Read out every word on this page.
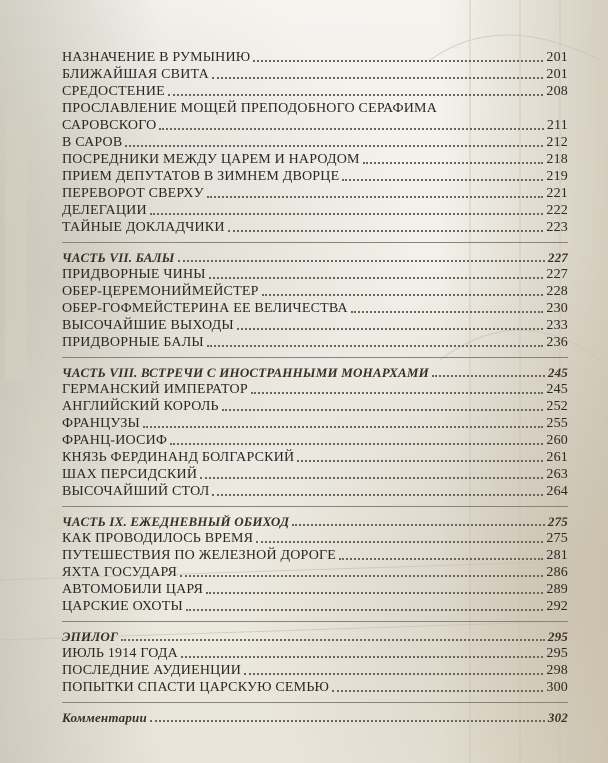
НАЗНАЧЕНИЕ В РУМЫНИЮ	201
БЛИЖАЙШАЯ СВИТА	201
СРЕДОСТЕНИЕ	208
ПРОСЛАВЛЕНИЕ МОЩЕЙ ПРЕПОДОБНОГО СЕРАФИМА
САРОВСКОГО	211
В САРОВ	212
ПОСРЕДНИКИ МЕЖДУ ЦАРЕМ И НАРОДОМ	218
ПРИЕМ ДЕПУТАТОВ В ЗИМНЕМ ДВОРЦЕ	219
ПЕРЕВОРОТ СВЕРХУ	221
ДЕЛЕГАЦИИ	222
ТАЙНЫЕ ДОКЛАДЧИКИ	223
ЧАСТЬ VII. БАЛЫ	227
ПРИДВОРНЫЕ ЧИНЫ	227
ОБЕР-ЦЕРЕМОНИЙМЕЙСТЕР	228
ОБЕР-ГОФМЕЙСТЕРИНА ЕЕ ВЕЛИЧЕСТВА	230
ВЫСОЧАЙШИЕ ВЫХОДЫ	233
ПРИДВОРНЫЕ БАЛЫ	236
ЧАСТЬ VIII. ВСТРЕЧИ С ИНОСТРАННЫМИ МОНАРХАМИ	245
ГЕРМАНСКИЙ ИМПЕРАТОР	245
АНГЛИЙСКИЙ КОРОЛЬ	252
ФРАНЦУЗЫ	255
ФРАНЦ-ИОСИФ	260
КНЯЗЬ ФЕРДИНАНД БОЛГАРСКИЙ	261
ШАХ ПЕРСИДСКИЙ	263
ВЫСОЧАЙШИЙ СТОЛ	264
ЧАСТЬ IX. ЕЖЕДНЕВНЫЙ ОБИХОД	275
КАК ПРОВОДИЛОСЬ ВРЕМЯ	275
ПУТЕШЕСТВИЯ ПО ЖЕЛЕЗНОЙ ДОРОГЕ	281
ЯХТА ГОСУДАРЯ	286
АВТОМОБИЛИ ЦАРЯ	289
ЦАРСКИЕ ОХОТЫ	292
ЭПИЛОГ	295
ИЮЛЬ 1914 ГОДА	295
ПОСЛЕДНИЕ АУДИЕНЦИИ	298
ПОПЫТКИ СПАСТИ ЦАРСКУЮ СЕМЬЮ	300
Комментарии	302
